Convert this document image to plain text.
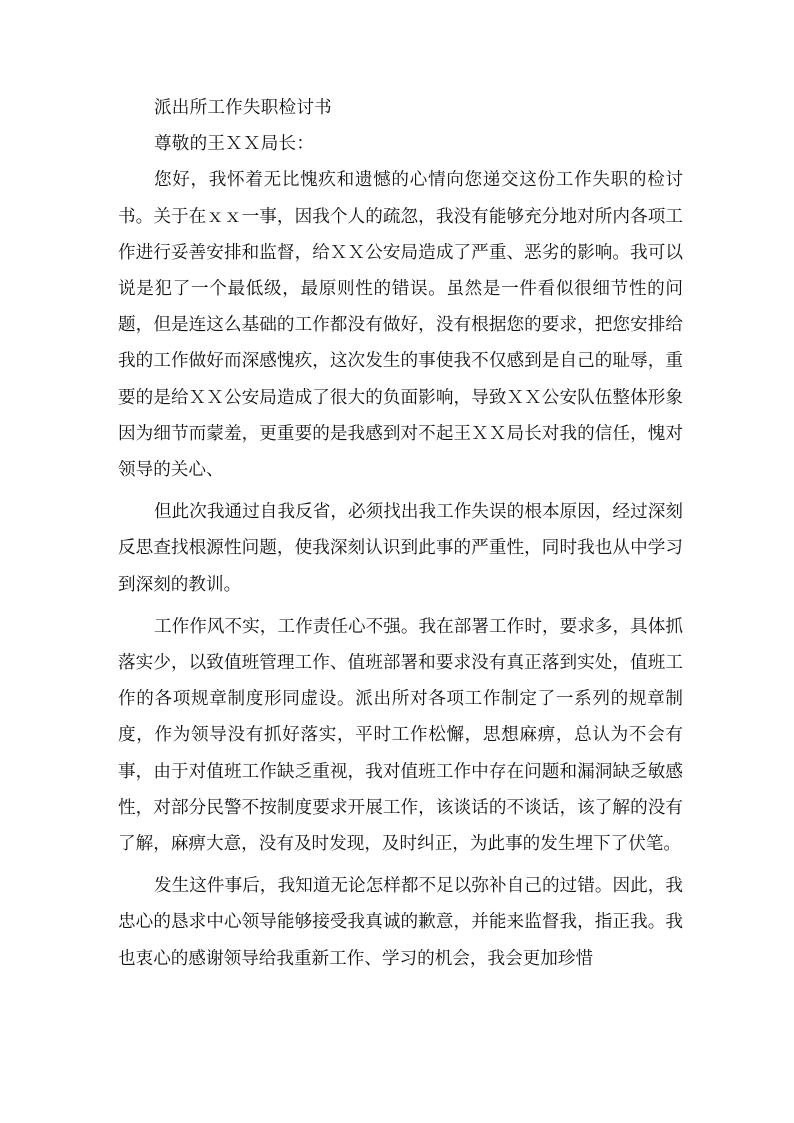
派出所工作失职检讨书

尊敬的王ＸＸ局长：

您好，我怀着无比愧疚和遗憾的心情向您递交这份工作失职的检讨书。关于在ｘｘ一事，因我个人的疏忽，我没有能够充分地对所内各项工作进行妥善安排和监督，给ＸＸ公安局造成了严重、恶劣的影响。我可以说是犯了一个最低级，最原则性的错误。虽然是一件看似很细节性的问题，但是连这么基础的工作都没有做好，没有根据您的要求，把您安排给我的工作做好而深感愧疚，这次发生的事使我不仅感到是自己的耻辱，重要的是给ＸＸ公安局造成了很大的负面影响，导致ＸＸ公安队伍整体形象因为细节而蒙羞，更重要的是我感到对不起王ＸＸ局长对我的信任，愧对领导的关心、

但此次我通过自我反省，必须找出我工作失误的根本原因，经过深刻反思查找根源性问题，使我深刻认识到此事的严重性，同时我也从中学习到深刻的教训。

工作作风不实，工作责任心不强。我在部署工作时，要求多，具体抓落实少，以致值班管理工作、值班部署和要求没有真正落到实处，值班工作的各项规章制度形同虚设。派出所对各项工作制定了一系列的规章制度，作为领导没有抓好落实，平时工作松懈，思想麻痹，总认为不会有事，由于对值班工作缺乏重视，我对值班工作中存在问题和漏洞缺乏敏感性，对部分民警不按制度要求开展工作，该谈话的不谈话，该了解的没有了解，麻痹大意，没有及时发现，及时纠正，为此事的发生埋下了伏笔。

发生这件事后，我知道无论怎样都不足以弥补自己的过错。因此，我忠心的恳求中心领导能够接受我真诚的歉意，并能来监督我，指正我。我也衷心的感谢领导给我重新工作、学习的机会，我会更加珍惜
